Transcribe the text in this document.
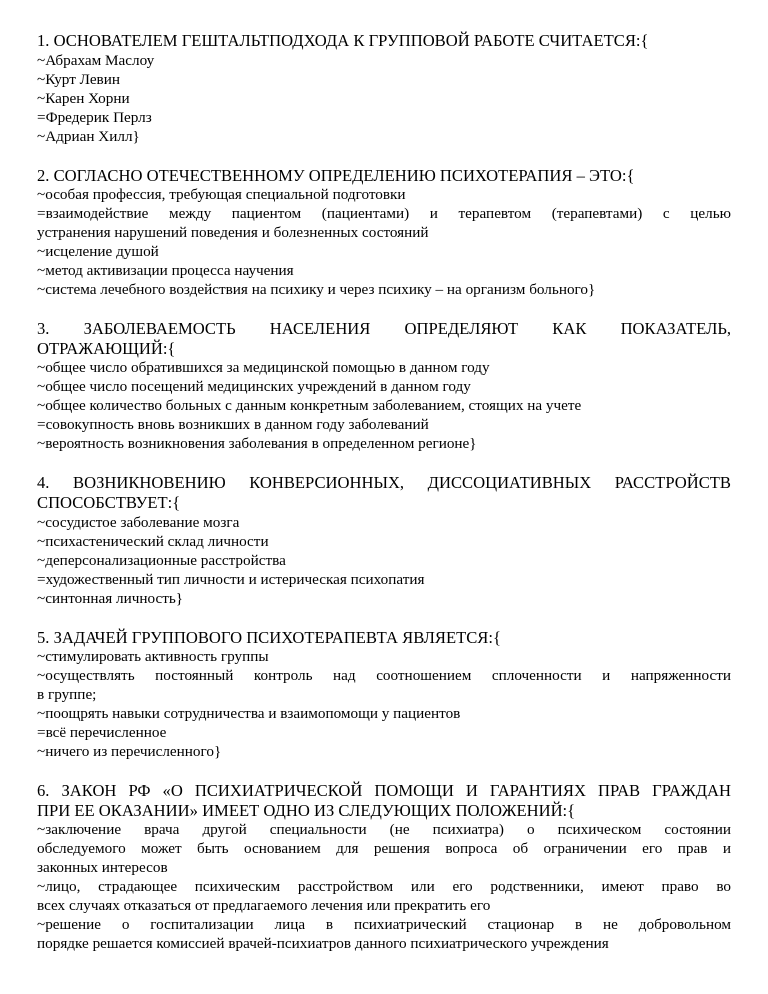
1. ОСНОВАТЕЛЕМ ГЕШТАЛЬТПОДХОДА К ГРУППОВОЙ РАБОТЕ СЧИТАЕТСЯ:{
~Абрахам Маслоу
~Курт Левин
~Карен Хорни
=Фредерик Перлз
~Адриан Хилл}
2. СОГЛАСНО ОТЕЧЕСТВЕННОМУ ОПРЕДЕЛЕНИЮ ПСИХОТЕРАПИЯ – ЭТО:{
~особая профессия, требующая специальной подготовки
=взаимодействие между пациентом (пациентами) и терапевтом (терапевтами) с целью
устранения нарушений поведения и болезненных состояний
~исцеление душой
~метод активизации процесса научения
~система лечебного воздействия на психику и через психику – на организм больного}
3. ЗАБОЛЕВАЕМОСТЬ НАСЕЛЕНИЯ ОПРЕДЕЛЯЮТ КАК ПОКАЗАТЕЛЬ,
ОТРАЖАЮЩИЙ:{
~общее число обратившихся за медицинской помощью в данном году
~общее число посещений медицинских учреждений в данном году
~общее количество больных с данным конкретным заболеванием, стоящих на учете
=совокупность вновь возникших в данном году заболеваний
~вероятность возникновения заболевания в определенном регионе}
4. ВОЗНИКНОВЕНИЮ КОНВЕРСИОННЫХ, ДИССОЦИАТИВНЫХ РАССТРОЙСТВ
СПОСОБСТВУЕТ:{
~сосудистое заболевание мозга
~психастенический склад личности
~деперсонализационные расстройства
=художественный тип личности и истерическая психопатия
~синтонная личность}
5. ЗАДАЧЕЙ ГРУППОВОГО ПСИХОТЕРАПЕВТА ЯВЛЯЕТСЯ:{
~стимулировать активность группы
~осуществлять постоянный контроль над соотношением сплоченности и напряженности
в группе;
~поощрять навыки сотрудничества и взаимопомощи у пациентов
=всё перечисленное
~ничего из перечисленного}
6. ЗАКОН РФ «О ПСИХИАТРИЧЕСКОЙ ПОМОЩИ И ГАРАНТИЯХ ПРАВ ГРАЖДАН
ПРИ ЕЕ ОКАЗАНИИ» ИМЕЕТ ОДНО ИЗ СЛЕДУЮЩИХ ПОЛОЖЕНИЙ:{
~заключение врача другой специальности (не психиатра) о психическом состоянии
обследуемого может быть основанием для решения вопроса об ограничении его прав и
законных интересов
~лицо, страдающее психическим расстройством или его родственники, имеют право во
всех случаях отказаться от предлагаемого лечения или прекратить его
~решение о госпитализации лица в психиатрический стационар в не добровольном
порядке решается комиссией врачей-психиатров данного психиатрического учреждения
